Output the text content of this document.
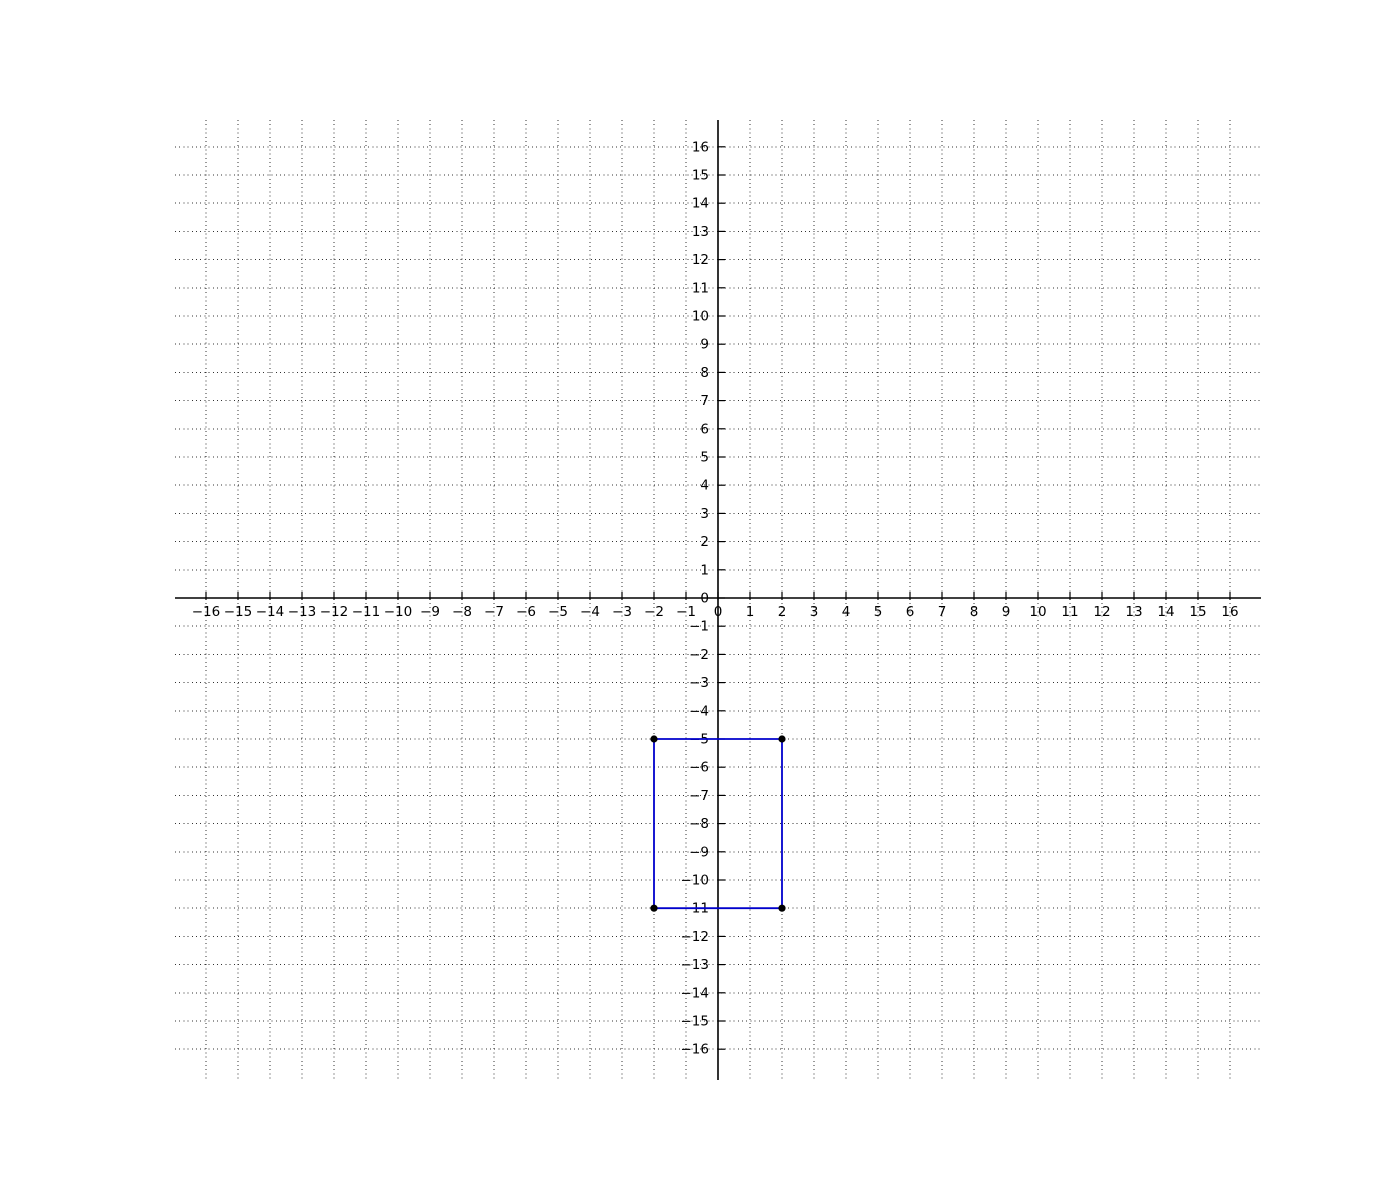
−16 −15 −14 −13 −12 −11 −10 −9 −8 −7 −6 −5 −4 −3 −2 −1 0 1 2 3 4 5 6 7 8 9 10 11 12 13 14 15 16
−16
−15
−14
−13
−12
−11
−10
−9
−8
−7
−6
−5
−4
−3
−2
−1
0
1
2
3
4
5
6
7
8
9
10
11
12
13
14
15
16
